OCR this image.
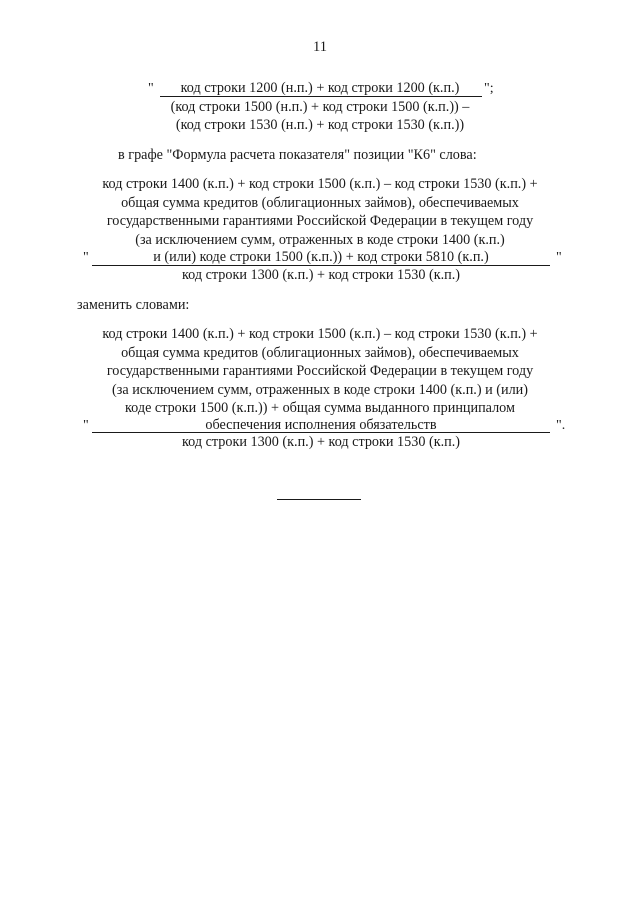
11
"	код строки 1200 (н.п.) + код строки 1200 (к.п.)	";
(код строки 1500 (н.п.) + код строки 1500 (к.п.)) –
(код строки 1530 (н.п.) + код строки 1530 (к.п.))
в графе "Формула расчета показателя" позиции "К6" слова:
код строки 1400 (к.п.) + код строки 1500 (к.п.) – код строки 1530 (к.п.) +
общая сумма кредитов (облигационных займов), обеспечиваемых
государственными гарантиями Российской Федерации в текущем году
(за исключением сумм, отраженных в коде строки 1400 (к.п.)
"	и (или) коде строки 1500 (к.п.)) + код строки 5810 (к.п.)	"
код строки 1300 (к.п.) + код строки 1530 (к.п.)
заменить словами:
код строки 1400 (к.п.) + код строки 1500 (к.п.) – код строки 1530 (к.п.) +
общая сумма кредитов (облигационных займов), обеспечиваемых
государственными гарантиями Российской Федерации в текущем году
(за исключением сумм, отраженных в коде строки 1400 (к.п.) и (или)
коде строки 1500 (к.п.)) + общая сумма выданного принципалом
"	обеспечения исполнения обязательств	".
код строки 1300 (к.п.) + код строки 1530 (к.п.)
